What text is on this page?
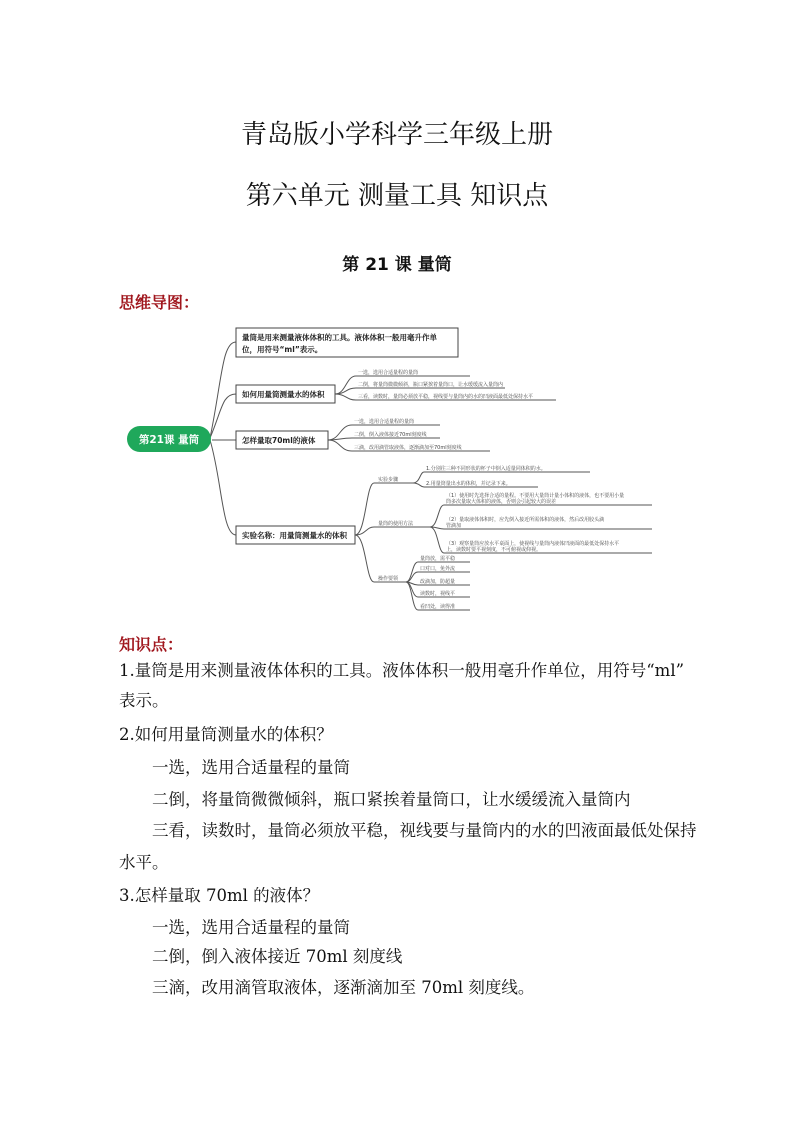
青岛版小学科学三年级上册
第六单元 测量工具 知识点
第 21 课 量筒
思维导图：
第21课 量筒
量筒是用来测量液体体积的工具。液体体积一般用毫升作单
位，用符号“ml”表示。
如何用量筒测量水的体积
一选，选用合适量程的量筒
二倒，将量筒微微倾斜，瓶口紧挨着量筒口，让水缓缓流入量筒内
三看，读数时，量筒必须放平稳，视线要与量筒内的水的凹液面最低处保持水平
怎样量取70ml的液体
一选，选用合适量程的量筒
二倒，倒入液体接近70ml刻度线
三滴，改用滴管取液体，逐渐滴加至70ml刻度线
实验名称：用量筒测量水的体积
实验步骤
1.分别往三种不同形状的杯子中倒入适量同体积的水。
2.用量筒量出水的体积，并记录下来。
量筒的使用方法
（1）使用时先选择合适的量程。不要用大量筒计量小体积的液体，也不要用小量
筒多次量取大体积的液体，否则会引起较大的误差
（2）量取液体体积时，应先倒入接近所需体积的液体，然后改用胶头滴
管滴加
（3）观察量筒应放水平桌面上，使视线与量筒内液体凹液面的最低处保持水平
上，读数时要平视刻度，不可俯视或仰视。
操作要领
量筒放，需平稳
口对口，免外流
改滴加，防超量
读数时，视线平
看凹处，读得准
知识点：
1.量筒是用来测量液体体积的工具。液体体积一般用毫升作单位，用符号“ml”
表示。
2.如何用量筒测量水的体积？
一选，选用合适量程的量筒
二倒，将量筒微微倾斜，瓶口紧挨着量筒口，让水缓缓流入量筒内
三看，读数时，量筒必须放平稳，视线要与量筒内的水的凹液面最低处保持
水平。
3.怎样量取 70ml 的液体？
一选，选用合适量程的量筒
二倒，倒入液体接近 70ml 刻度线
三滴，改用滴管取液体，逐渐滴加至 70ml 刻度线。
